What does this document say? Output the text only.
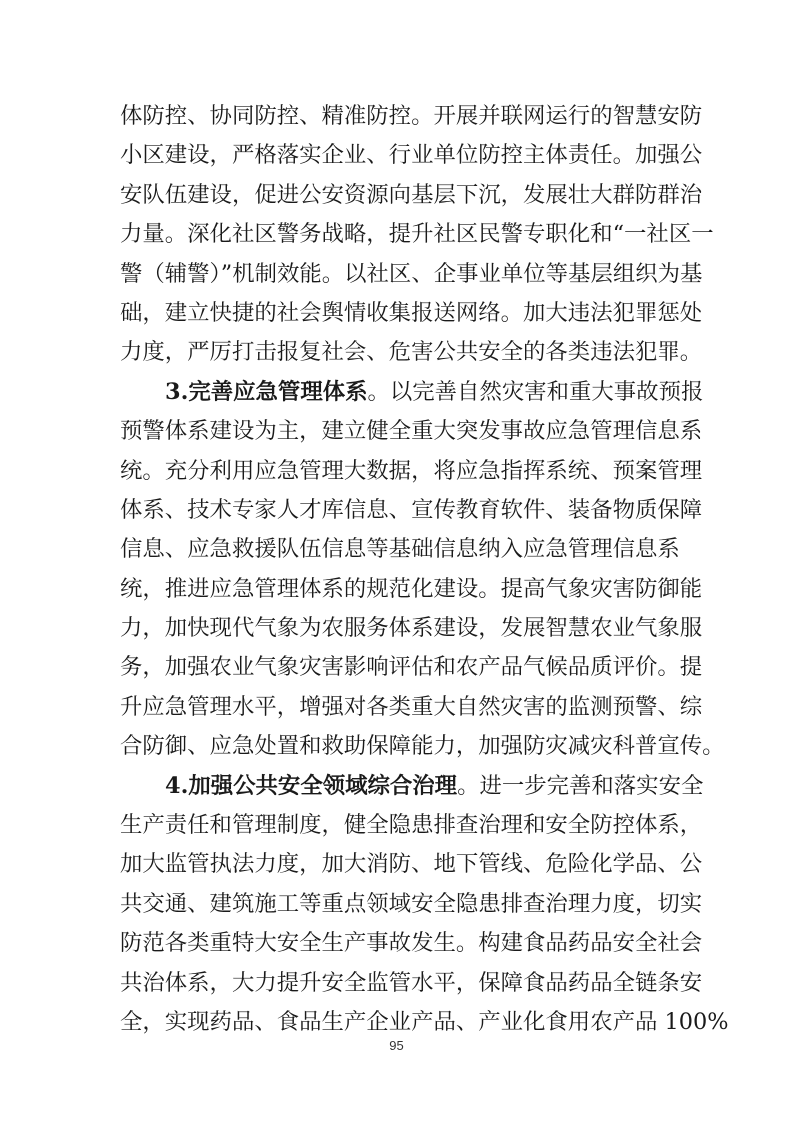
体防控、协同防控、精准防控。开展并联网运行的智慧安防
小区建设，严格落实企业、行业单位防控主体责任。加强公
安队伍建设，促进公安资源向基层下沉，发展壮大群防群治
力量。深化社区警务战略，提升社区民警专职化和“一社区一
警（辅警）”机制效能。以社区、企事业单位等基层组织为基
础，建立快捷的社会舆情收集报送网络。加大违法犯罪惩处
力度，严厉打击报复社会、危害公共安全的各类违法犯罪。
3.完善应急管理体系。以完善自然灾害和重大事故预报
预警体系建设为主，建立健全重大突发事故应急管理信息系
统。充分利用应急管理大数据，将应急指挥系统、预案管理
体系、技术专家人才库信息、宣传教育软件、装备物质保障
信息、应急救援队伍信息等基础信息纳入应急管理信息系
统，推进应急管理体系的规范化建设。提高气象灾害防御能
力，加快现代气象为农服务体系建设，发展智慧农业气象服
务，加强农业气象灾害影响评估和农产品气候品质评价。提
升应急管理水平，增强对各类重大自然灾害的监测预警、综
合防御、应急处置和救助保障能力，加强防灾减灾科普宣传。
4.加强公共安全领域综合治理。进一步完善和落实安全
生产责任和管理制度，健全隐患排查治理和安全防控体系，
加大监管执法力度，加大消防、地下管线、危险化学品、公
共交通、建筑施工等重点领域安全隐患排查治理力度，切实
防范各类重特大安全生产事故发生。构建食品药品安全社会
共治体系，大力提升安全监管水平，保障食品药品全链条安
全，实现药品、食品生产企业产品、产业化食用农产品 100%
95
